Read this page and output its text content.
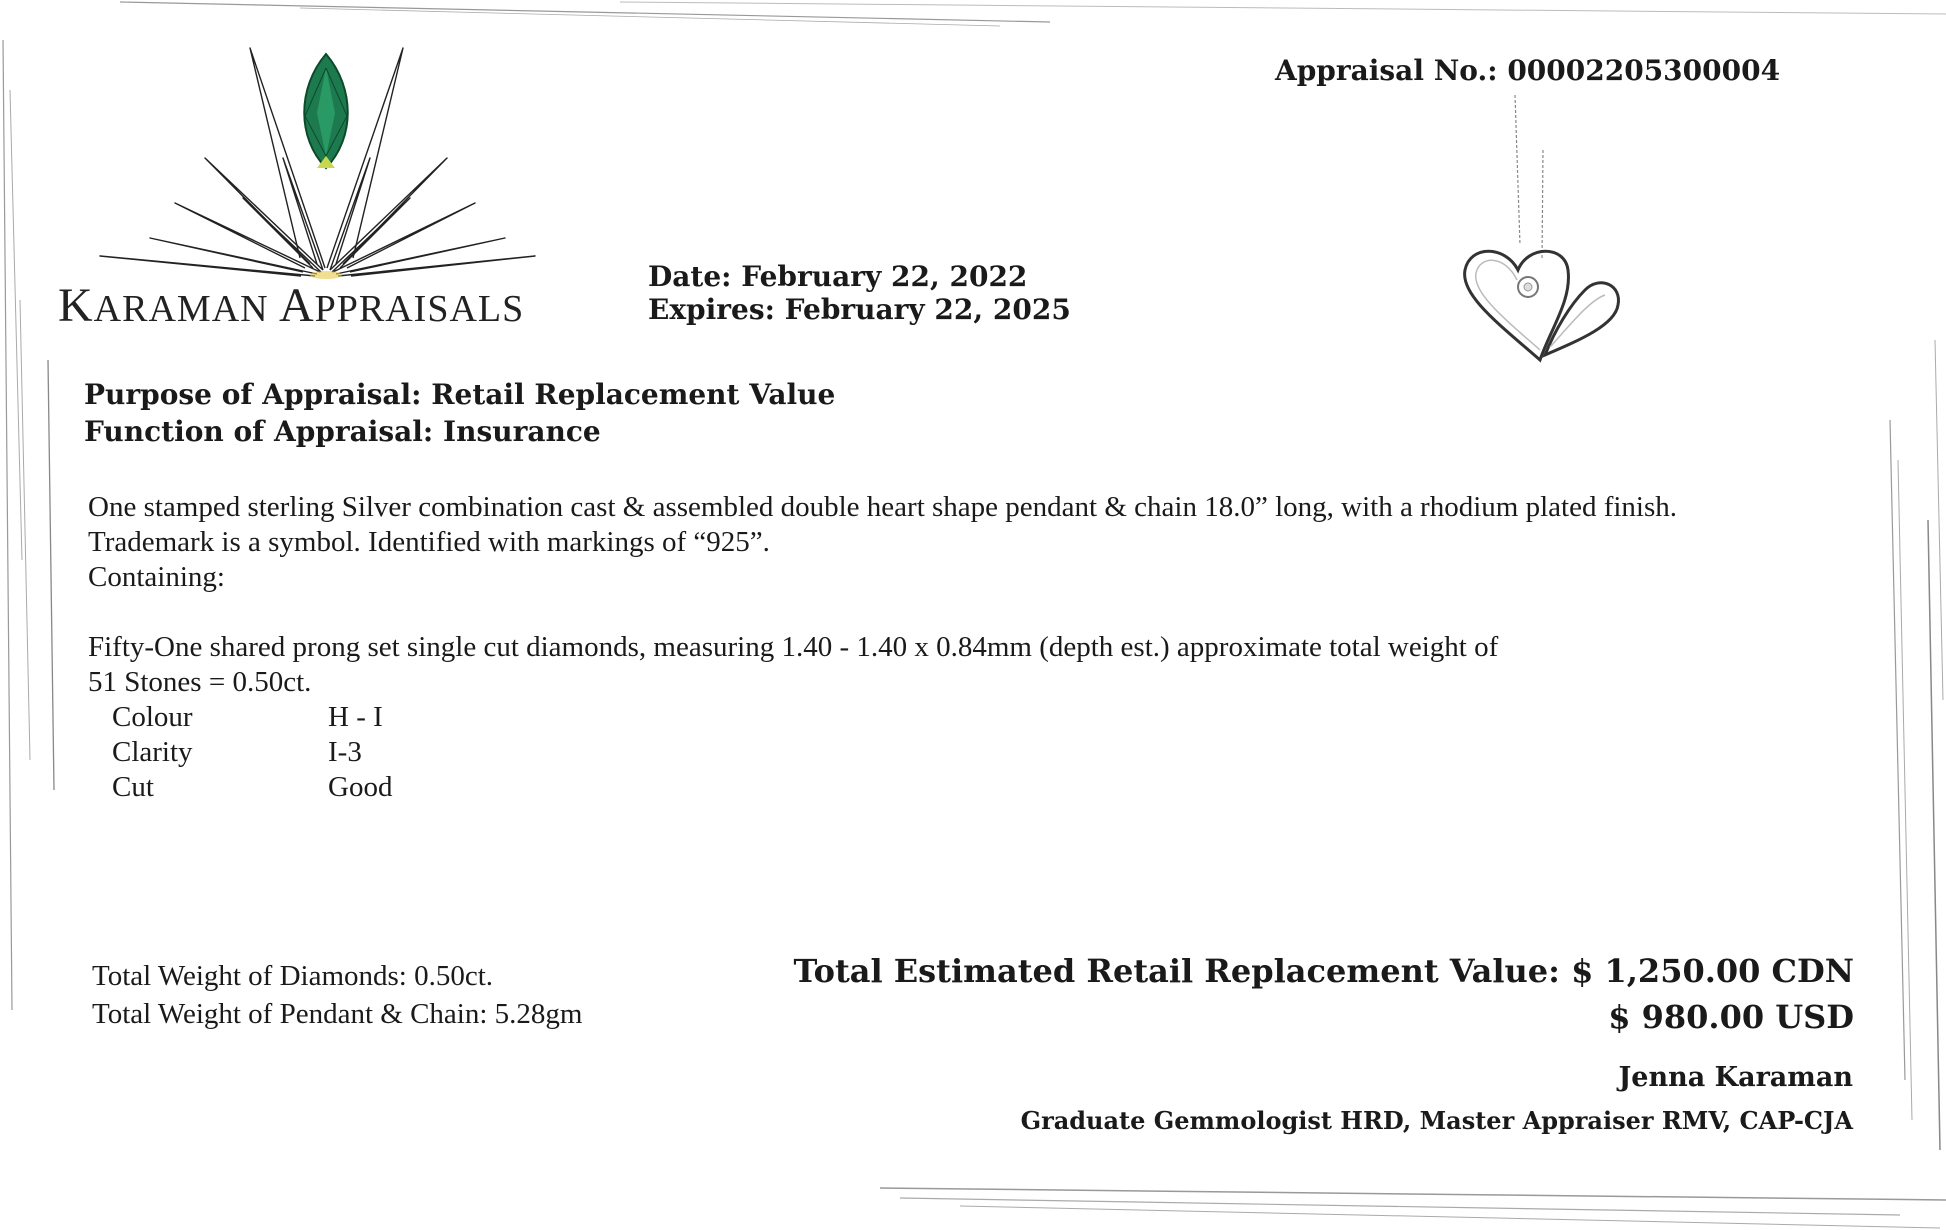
KARAMAN APPRAISALS
Appraisal No.: 00002205300004
Date: February 22, 2022
Expires: February 22, 2025
Purpose of Appraisal: Retail Replacement Value
Function of Appraisal: Insurance

One stamped sterling Silver combination cast & assembled double heart shape pendant & chain 18.0” long, with a rhodium plated finish.

Trademark is a symbol. Identified with markings of “925”.

Containing:

Fifty-One shared prong set single cut diamonds, measuring 1.40 - 1.40 x 0.84mm (depth est.) approximate total weight of

51 Stones = 0.50ct.

Colour	H - I
Clarity	I-3
Cut	Good
Total Weight of Diamonds: 0.50ct.
Total Weight of Pendant & Chain: 5.28gm
Total Estimated Retail Replacement Value: $ 1,250.00 CDN
$ 980.00 USD
Jenna Karaman
Graduate Gemmologist HRD, Master Appraiser RMV, CAP-CJA
